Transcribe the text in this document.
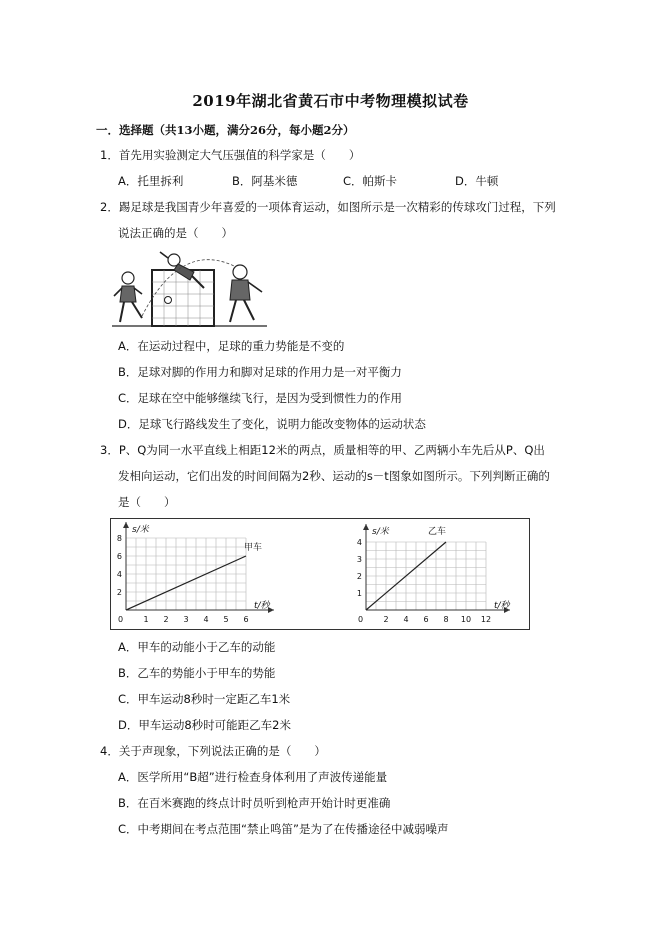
2019年湖北省黄石市中考物理模拟试卷
一．选择题（共13小题，满分26分，每小题2分）
1．首先用实验测定大气压强值的科学家是（　　）
A．托里拆利	B．阿基米德	C．帕斯卡	D．牛顿
2．踢足球是我国青少年喜爱的一项体育运动，如图所示是一次精彩的传球攻门过程，下列
说法正确的是（　　）
A．在运动过程中，足球的重力势能是不变的
B．足球对脚的作用力和脚对足球的作用力是一对平衡力
C．足球在空中能够继续飞行，是因为受到惯性力的作用
D．足球飞行路线发生了变化，说明力能改变物体的运动状态
3．P、Q为同一水平直线上相距12米的两点，质量相等的甲、乙两辆小车先后从P、Q出
发相向运动，它们出发的时间间隔为2秒、运动的s－t图象如图所示。下列判断正确的
是（　　）
s/米
t/秒
0	1 2 3 4 5 6
2
4
6
8
甲车
s/米
t/秒
0	2 4 6 8 10 12
1
2
3
4
乙车
A．甲车的动能小于乙车的动能
B．乙车的势能小于甲车的势能
C．甲车运动8秒时一定距乙车1米
D．甲车运动8秒时可能距乙车2米
4．关于声现象，下列说法正确的是（　　）
A．医学所用“B超”进行检查身体利用了声波传递能量
B．在百米赛跑的终点计时员听到枪声开始计时更准确
C．中考期间在考点范围“禁止鸣笛”是为了在传播途径中减弱噪声
